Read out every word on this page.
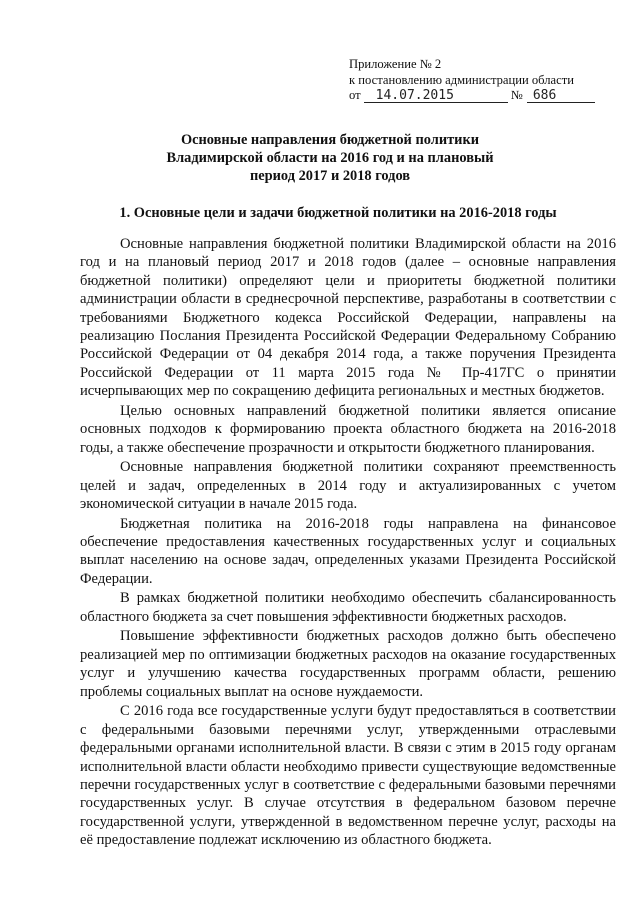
Приложение № 2
к постановлению администрации области
от 14.07.2015	№ 686
Основные направления бюджетной политики
Владимирской области на 2016 год и на плановый
период 2017 и 2018 годов
1. Основные цели и задачи бюджетной политики на 2016-2018 годы

Основные направления бюджетной политики Владимирской области на 2016 год и на плановый период 2017 и 2018 годов (далее – основные направления бюджетной политики) определяют цели и приоритеты бюджетной политики администрации области в среднесрочной перспективе, разработаны в соответствии с требованиями Бюджетного кодекса Российской Федерации, направлены на реализацию Послания Президента Российской Федерации Федеральному Собранию Российской Федерации от 04 декабря 2014 года, а также поручения Президента Российской Федерации от 11 марта 2015 года № Пр-417ГС о принятии исчерпывающих мер по сокращению дефицита региональных и местных бюджетов.

Целью основных направлений бюджетной политики является описание основных подходов к формированию проекта областного бюджета на 2016-2018 годы, а также обеспечение прозрачности и открытости бюджетного планирования.

Основные направления бюджетной политики сохраняют преемственность целей и задач, определенных в 2014 году и актуализированных с учетом экономической ситуации в начале 2015 года.

Бюджетная политика на 2016-2018 годы направлена на финансовое обеспечение предоставления качественных государственных услуг и социальных выплат населению на основе задач, определенных указами Президента Российской Федерации.

В рамках бюджетной политики необходимо обеспечить сбалансированность областного бюджета за счет повышения эффективности бюджетных расходов.

Повышение эффективности бюджетных расходов должно быть обеспечено реализацией мер по оптимизации бюджетных расходов на оказание государственных услуг и улучшению качества государственных программ области, решению проблемы социальных выплат на основе нуждаемости.

С 2016 года все государственные услуги будут предоставляться в соответствии с федеральными базовыми перечнями услуг, утвержденными отраслевыми федеральными органами исполнительной власти. В связи с этим в 2015 году органам исполнительной власти области необходимо привести существующие ведомственные перечни государственных услуг в соответствие с федеральными базовыми перечнями государственных услуг. В случае отсутствия в федеральном базовом перечне государственной услуги, утвержденной в ведомственном перечне услуг, расходы на её предоставление подлежат исключению из областного бюджета.
